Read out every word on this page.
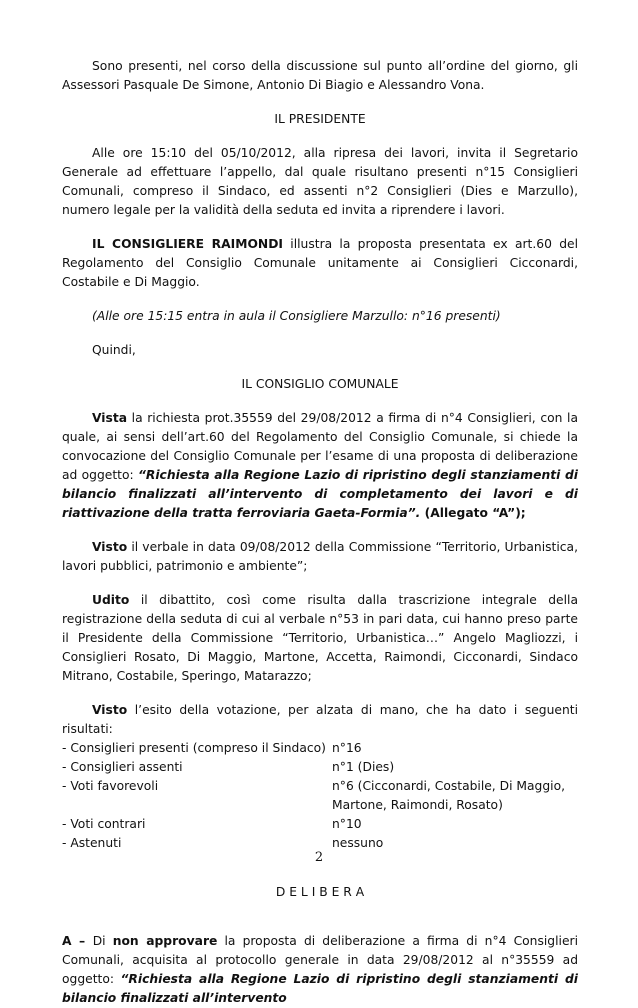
Sono presenti, nel corso della discussione sul punto all’ordine del giorno, gli Assessori Pasquale De Simone, Antonio Di Biagio e Alessandro Vona.

IL PRESIDENTE

Alle ore 15:10 del 05/10/2012, alla ripresa dei lavori, invita il Segretario Generale ad effettuare l’appello, dal quale risultano presenti n°15 Consiglieri Comunali, compreso il Sindaco, ed assenti n°2 Consiglieri (Dies e Marzullo), numero legale per la validità della seduta ed invita a riprendere i lavori.

IL CONSIGLIERE RAIMONDI illustra la proposta presentata ex art.60 del Regolamento del Consiglio Comunale unitamente ai Consiglieri Cicconardi, Costabile e Di Maggio.

(Alle ore 15:15 entra in aula il Consigliere Marzullo: n°16 presenti)

Quindi,

IL CONSIGLIO COMUNALE

Vista la richiesta prot.35559 del 29/08/2012 a firma di n°4 Consiglieri, con la quale, ai sensi dell’art.60 del Regolamento del Consiglio Comunale, si chiede la convocazione del Consiglio Comunale per l’esame di una proposta di deliberazione ad oggetto: “Richiesta alla Regione Lazio di ripristino degli stanziamenti di bilancio finalizzati all’intervento di completamento dei lavori e di riattivazione della tratta ferroviaria Gaeta-Formia”. (Allegato “A”);

Visto il verbale in data 09/08/2012 della Commissione “Territorio, Urbanistica, lavori pubblici, patrimonio e ambiente”;

Udito il dibattito, così come risulta dalla trascrizione integrale della registrazione della seduta di cui al verbale n°53 in pari data, cui hanno preso parte il Presidente della Commissione “Territorio, Urbanistica…” Angelo Magliozzi, i Consiglieri Rosato, Di Maggio, Martone, Accetta, Raimondi, Cicconardi, Sindaco Mitrano, Costabile, Speringo, Matarazzo;

Visto l’esito della votazione, per alzata di mano, che ha dato i seguenti risultati:

- Consiglieri presenti (compreso il Sindaco) n°16
- Consiglieri assenti	n°1 (Dies)
- Voti favorevoli	n°6 (Cicconardi, Costabile, Di Maggio,
Martone, Raimondi, Rosato)
- Voti contrari	n°10
- Astenuti	nessuno

D E L I B E R A

A – Di non approvare la proposta di deliberazione a firma di n°4 Consiglieri Comunali, acquisita al protocollo generale in data 29/08/2012 al n°35559 ad oggetto: “Richiesta alla Regione Lazio di ripristino degli stanziamenti di bilancio finalizzati all’intervento

2
